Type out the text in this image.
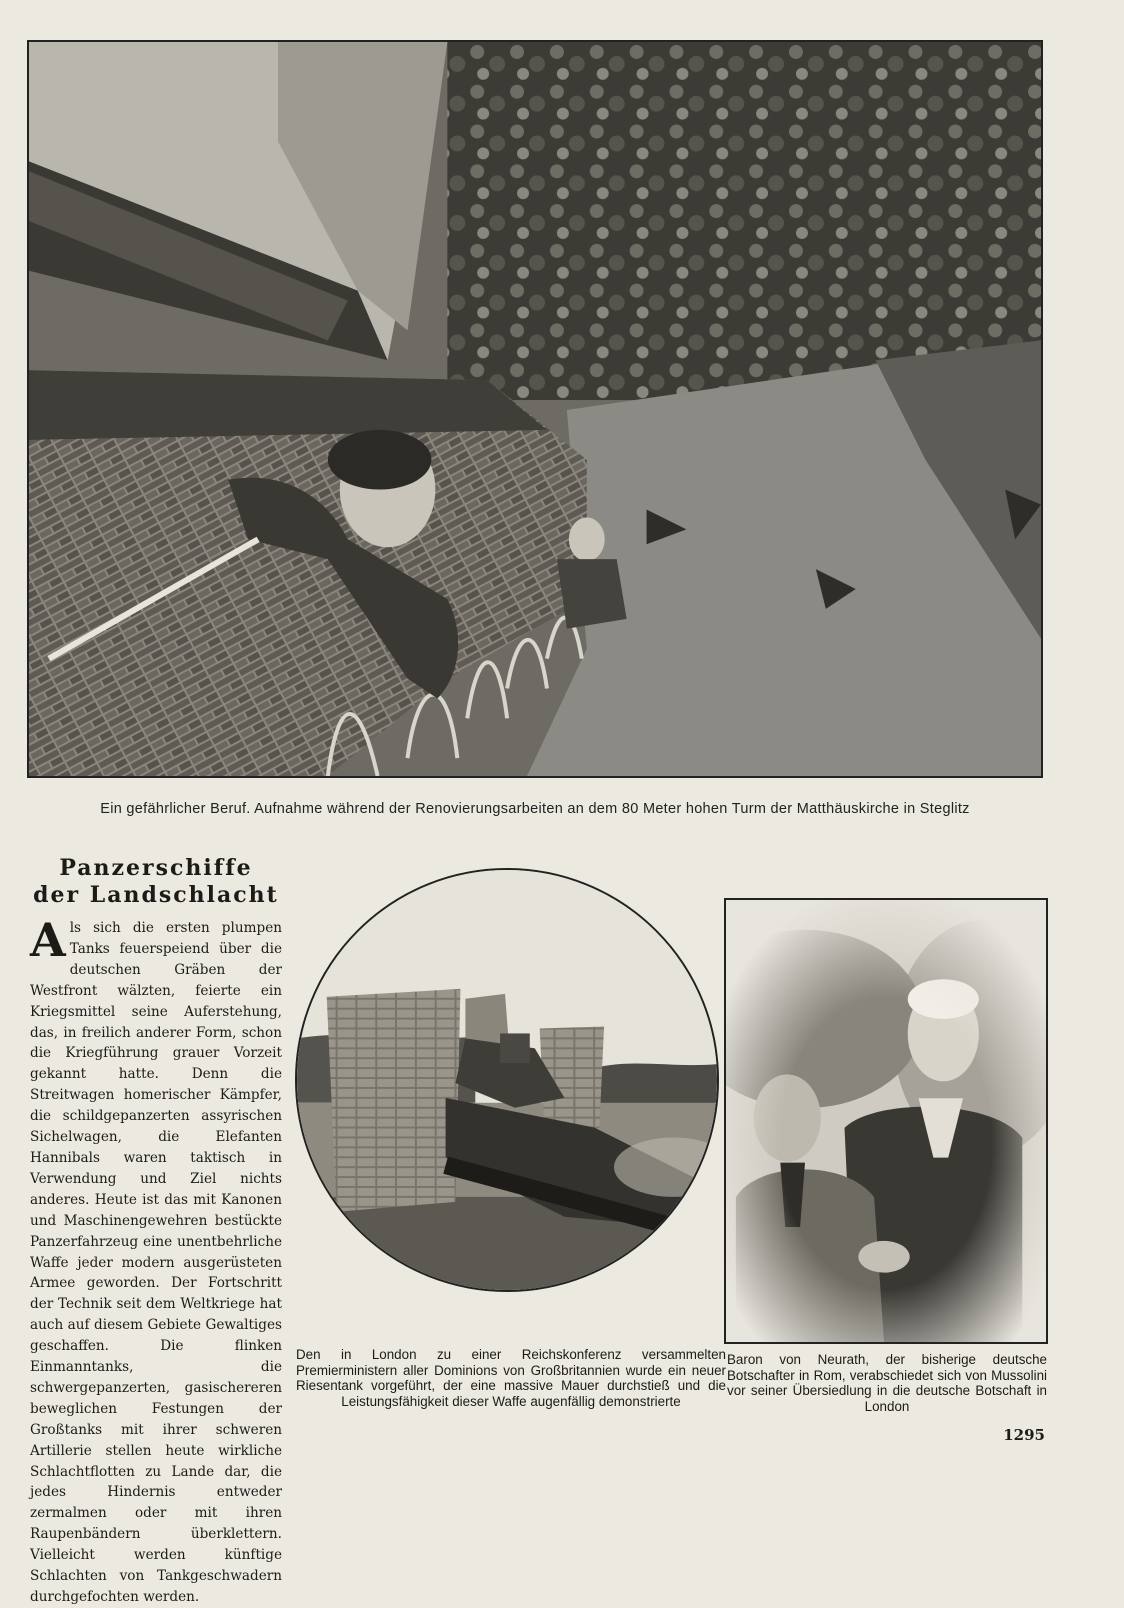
Ein gefährlicher Beruf. Aufnahme während der Renovierungsarbeiten an dem 80 Meter hohen Turm der Matthäuskirche in Steglitz
Panzerschiffe
der Landschlacht
Als sich die ersten plumpen Tanks feuerspeiend über die deutschen Gräben der Westfront wälzten, feierte ein Kriegsmittel seine Auferstehung, das, in freilich anderer Form, schon die Kriegführung grauer Vorzeit gekannt hatte. Denn die Streitwagen homerischer Kämpfer, die schildgepanzerten assyrischen Sichelwagen, die Elefanten Hannibals waren taktisch in Verwendung und Ziel nichts anderes. Heute ist das mit Kanonen und Maschinengewehren bestückte Panzerfahrzeug eine unentbehrliche Waffe jeder modern ausgerüsteten Armee geworden. Der Fortschritt der Technik seit dem Weltkriege hat auch auf diesem Gebiete Gewaltiges geschaffen. Die flinken Einmanntanks, die schwergepanzerten, gasischereren beweglichen Festungen der Großtanks mit ihrer schweren Artillerie stellen heute wirkliche Schlachtflotten zu Lande dar, die jedes Hindernis entweder zermalmen oder mit ihren Raupenbändern überklettern. Vielleicht werden künftige Schlachten von Tankgeschwadern durchgefochten werden.
Den in London zu einer Reichskonferenz versammelten Premierministern aller Dominions von Großbritannien wurde ein neuer Riesentank vorgeführt, der eine massive Mauer durchstieß und die Leistungsfähigkeit dieser Waffe augenfällig demonstrierte
Baron von Neurath, der bisherige deutsche Botschafter in Rom, verabschiedet sich von Mussolini vor seiner Übersiedlung in die deutsche Botschaft in London
1295
